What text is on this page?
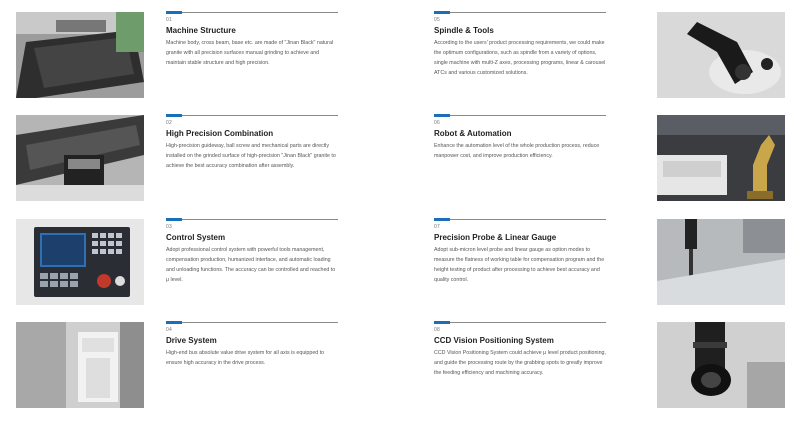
01
Machine Structure
Machine body, cross beam, base etc. are made of "Jinan Black" natural granite with all precision surfaces manual grinding to achieve and maintain stable structure and high precision.
02
High Precision Combination
High-precision guideway, ball screw and mechanical parts are directly installed on the grinded surface of high-precision "Jinan Black" granite to achieve the best accuracy combination after assembly.
03
Control System
Adopt professional control system with powerful tools management, compensation production, humanized interface, and automatic loading and unloading functions. The accuracy can be controlled and reached to μ level.
04
Drive System
High-end bus absolute value drive system for all axis is equipped to ensure high accuracy in the drive process.
05
Spindle & Tools
According to the users' product processing requirements, we could make the optimum configurations, such as spindle from a variety of options, single machine with multi-Z axes, processing programs, linear & carousel ATCs and various customized solutions.
06
Robot & Automation
Enhance the automation level of the whole production process, reduce manpower cost, and improve production efficiency.
07
Precision Probe & Linear Gauge
Adopt sub-micron level probe and linear gauge as option modes to measure the flatness of working table for compensation program and the height testing of product after processing to achieve best accuracy and quality control.
08
CCD Vision Positioning System
CCD Vision Positioning System could achieve μ level product positioning, and guide the processing route by the grabbing spots to greatly improve the feeding efficiency and machining accuracy.
